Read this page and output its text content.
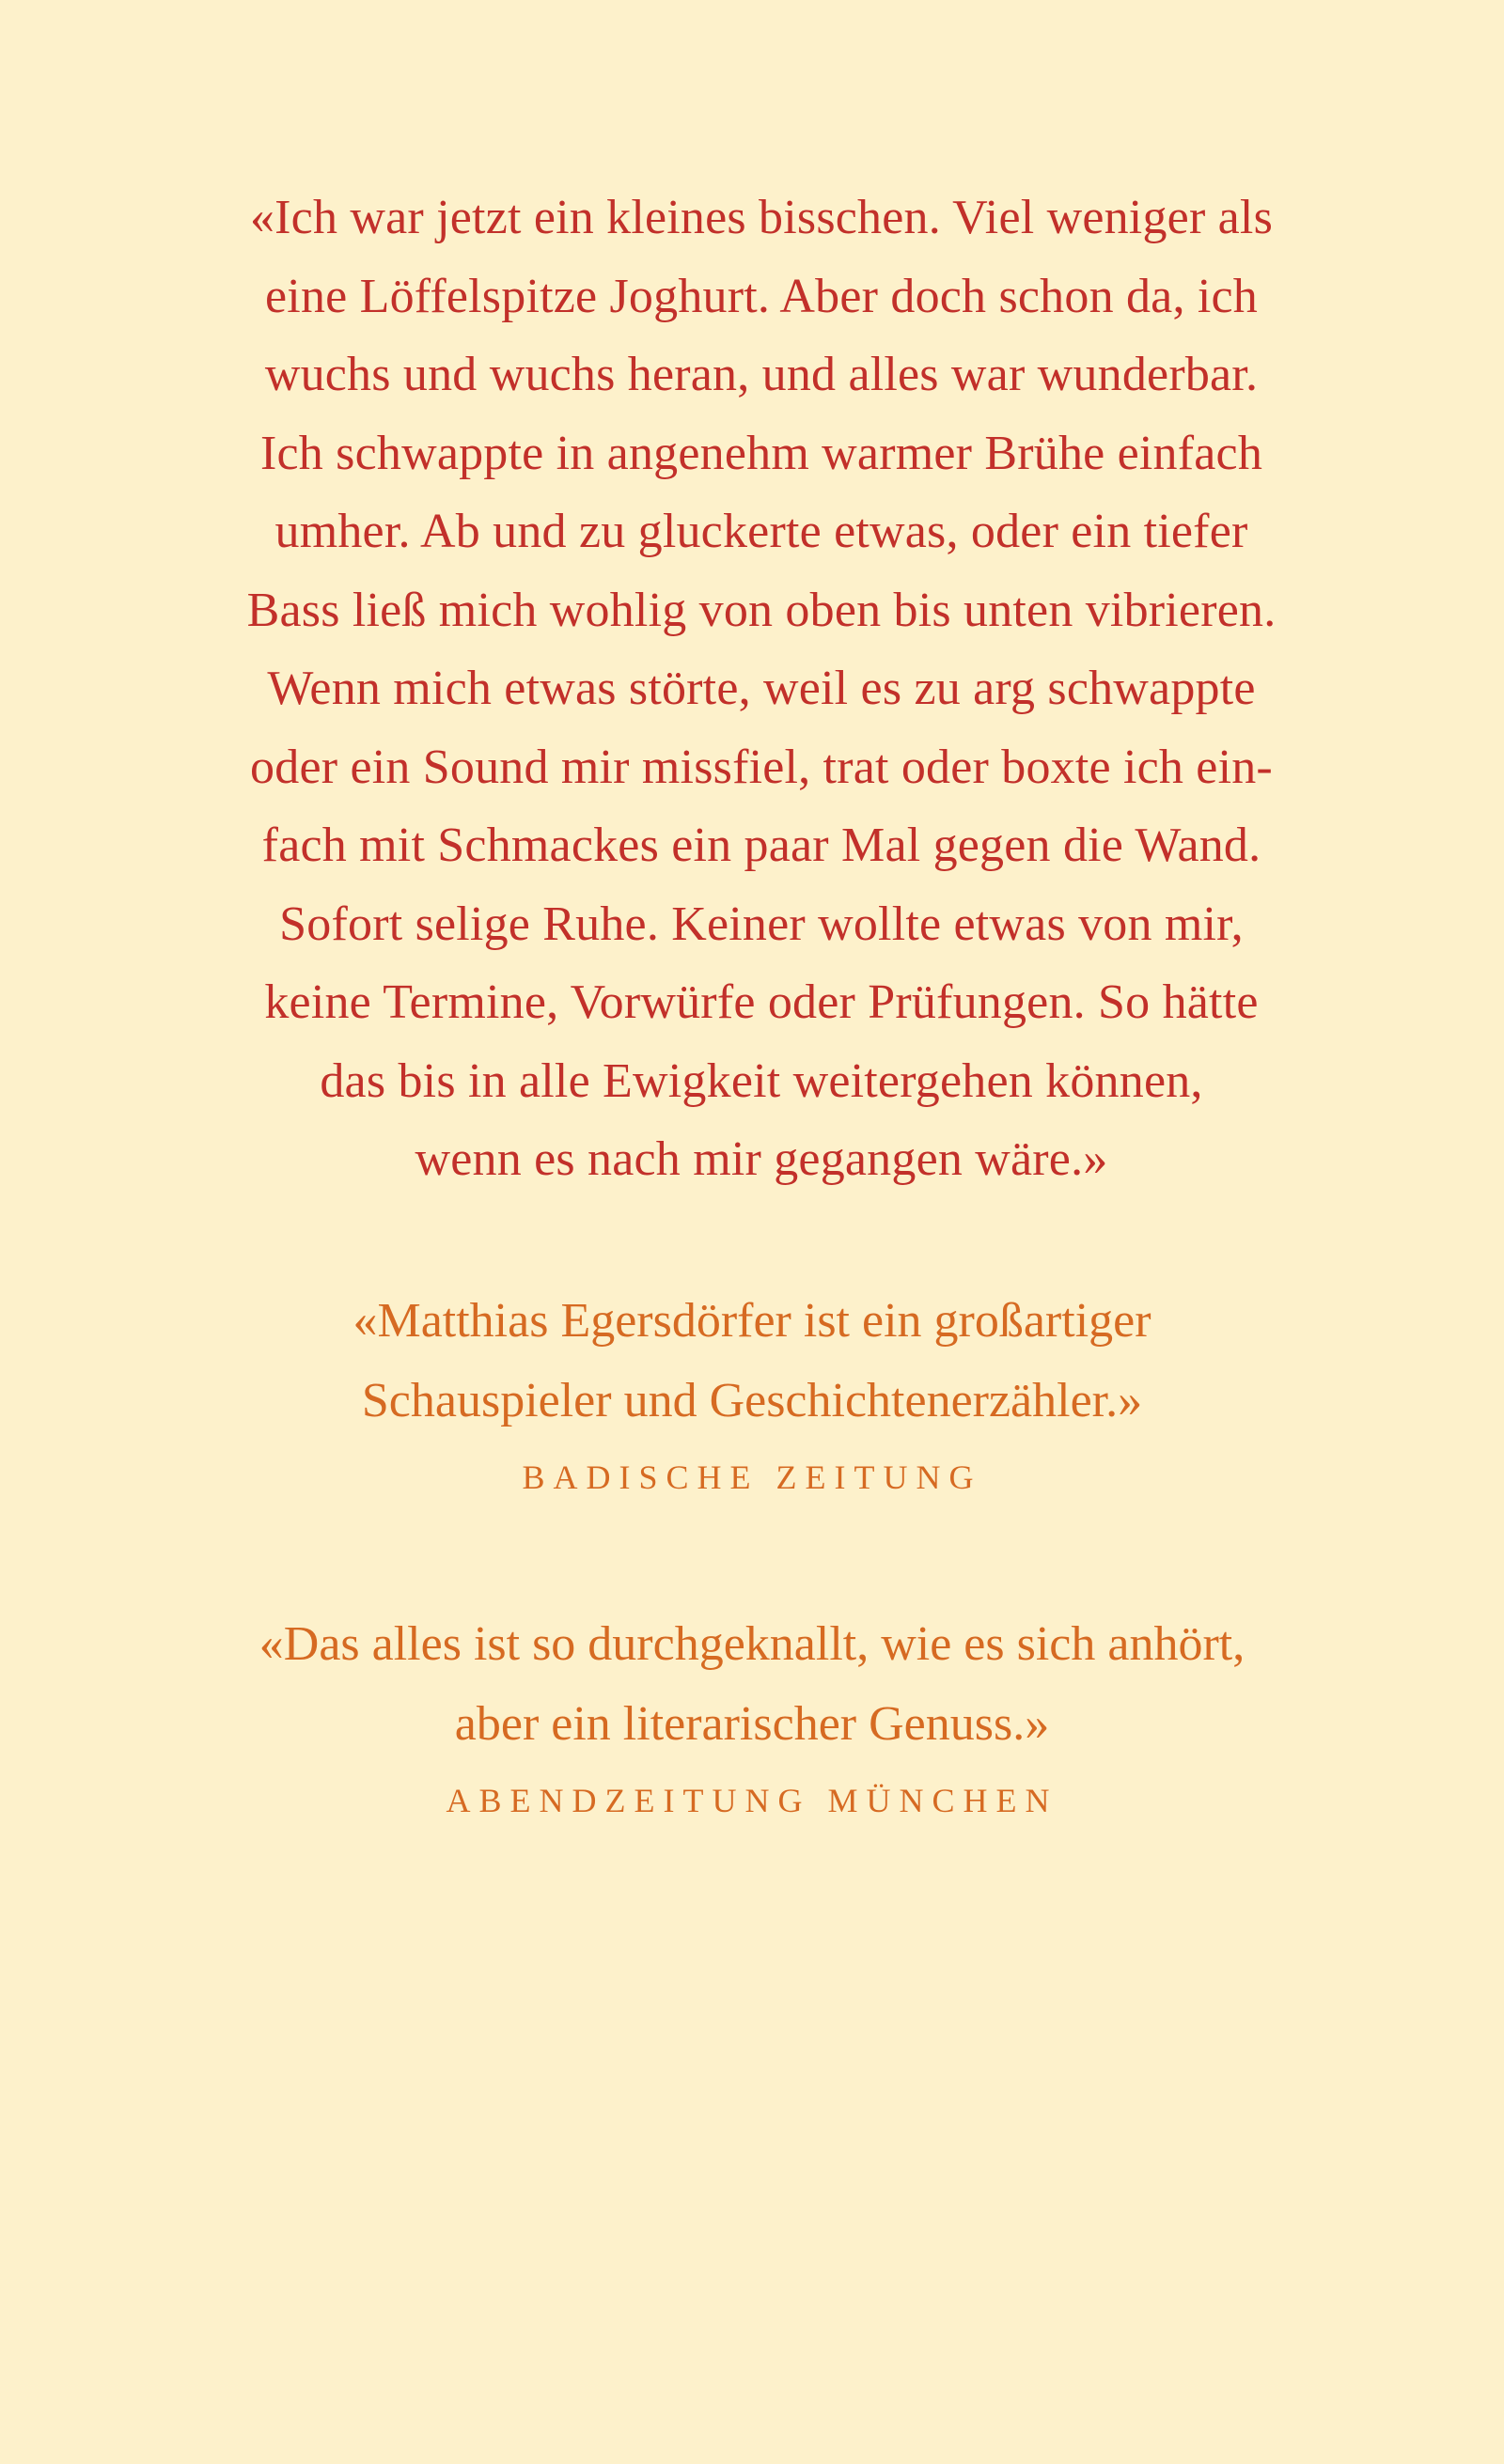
«Ich war jetzt ein kleines bisschen. Viel weniger als
eine Löffelspitze Joghurt. Aber doch schon da, ich
wuchs und wuchs heran, und alles war wunderbar.
Ich schwappte in angenehm warmer Brühe einfach
umher. Ab und zu gluckerte etwas, oder ein tiefer
Bass ließ mich wohlig von oben bis unten vibrieren.
Wenn mich etwas störte, weil es zu arg schwappte
oder ein Sound mir missfiel, trat oder boxte ich ein-
fach mit Schmackes ein paar Mal gegen die Wand.
Sofort selige Ruhe. Keiner wollte etwas von mir,
keine Termine, Vorwürfe oder Prüfungen. So hätte
das bis in alle Ewigkeit weitergehen können,
wenn es nach mir gegangen wäre.»

«Matthias Egersdörfer ist ein großartiger
Schauspieler und Geschichtenerzähler.»

BADISCHE ZEITUNG

«Das alles ist so durchgeknallt, wie es sich anhört,
aber ein literarischer Genuss.»

ABENDZEITUNG MÜNCHEN
